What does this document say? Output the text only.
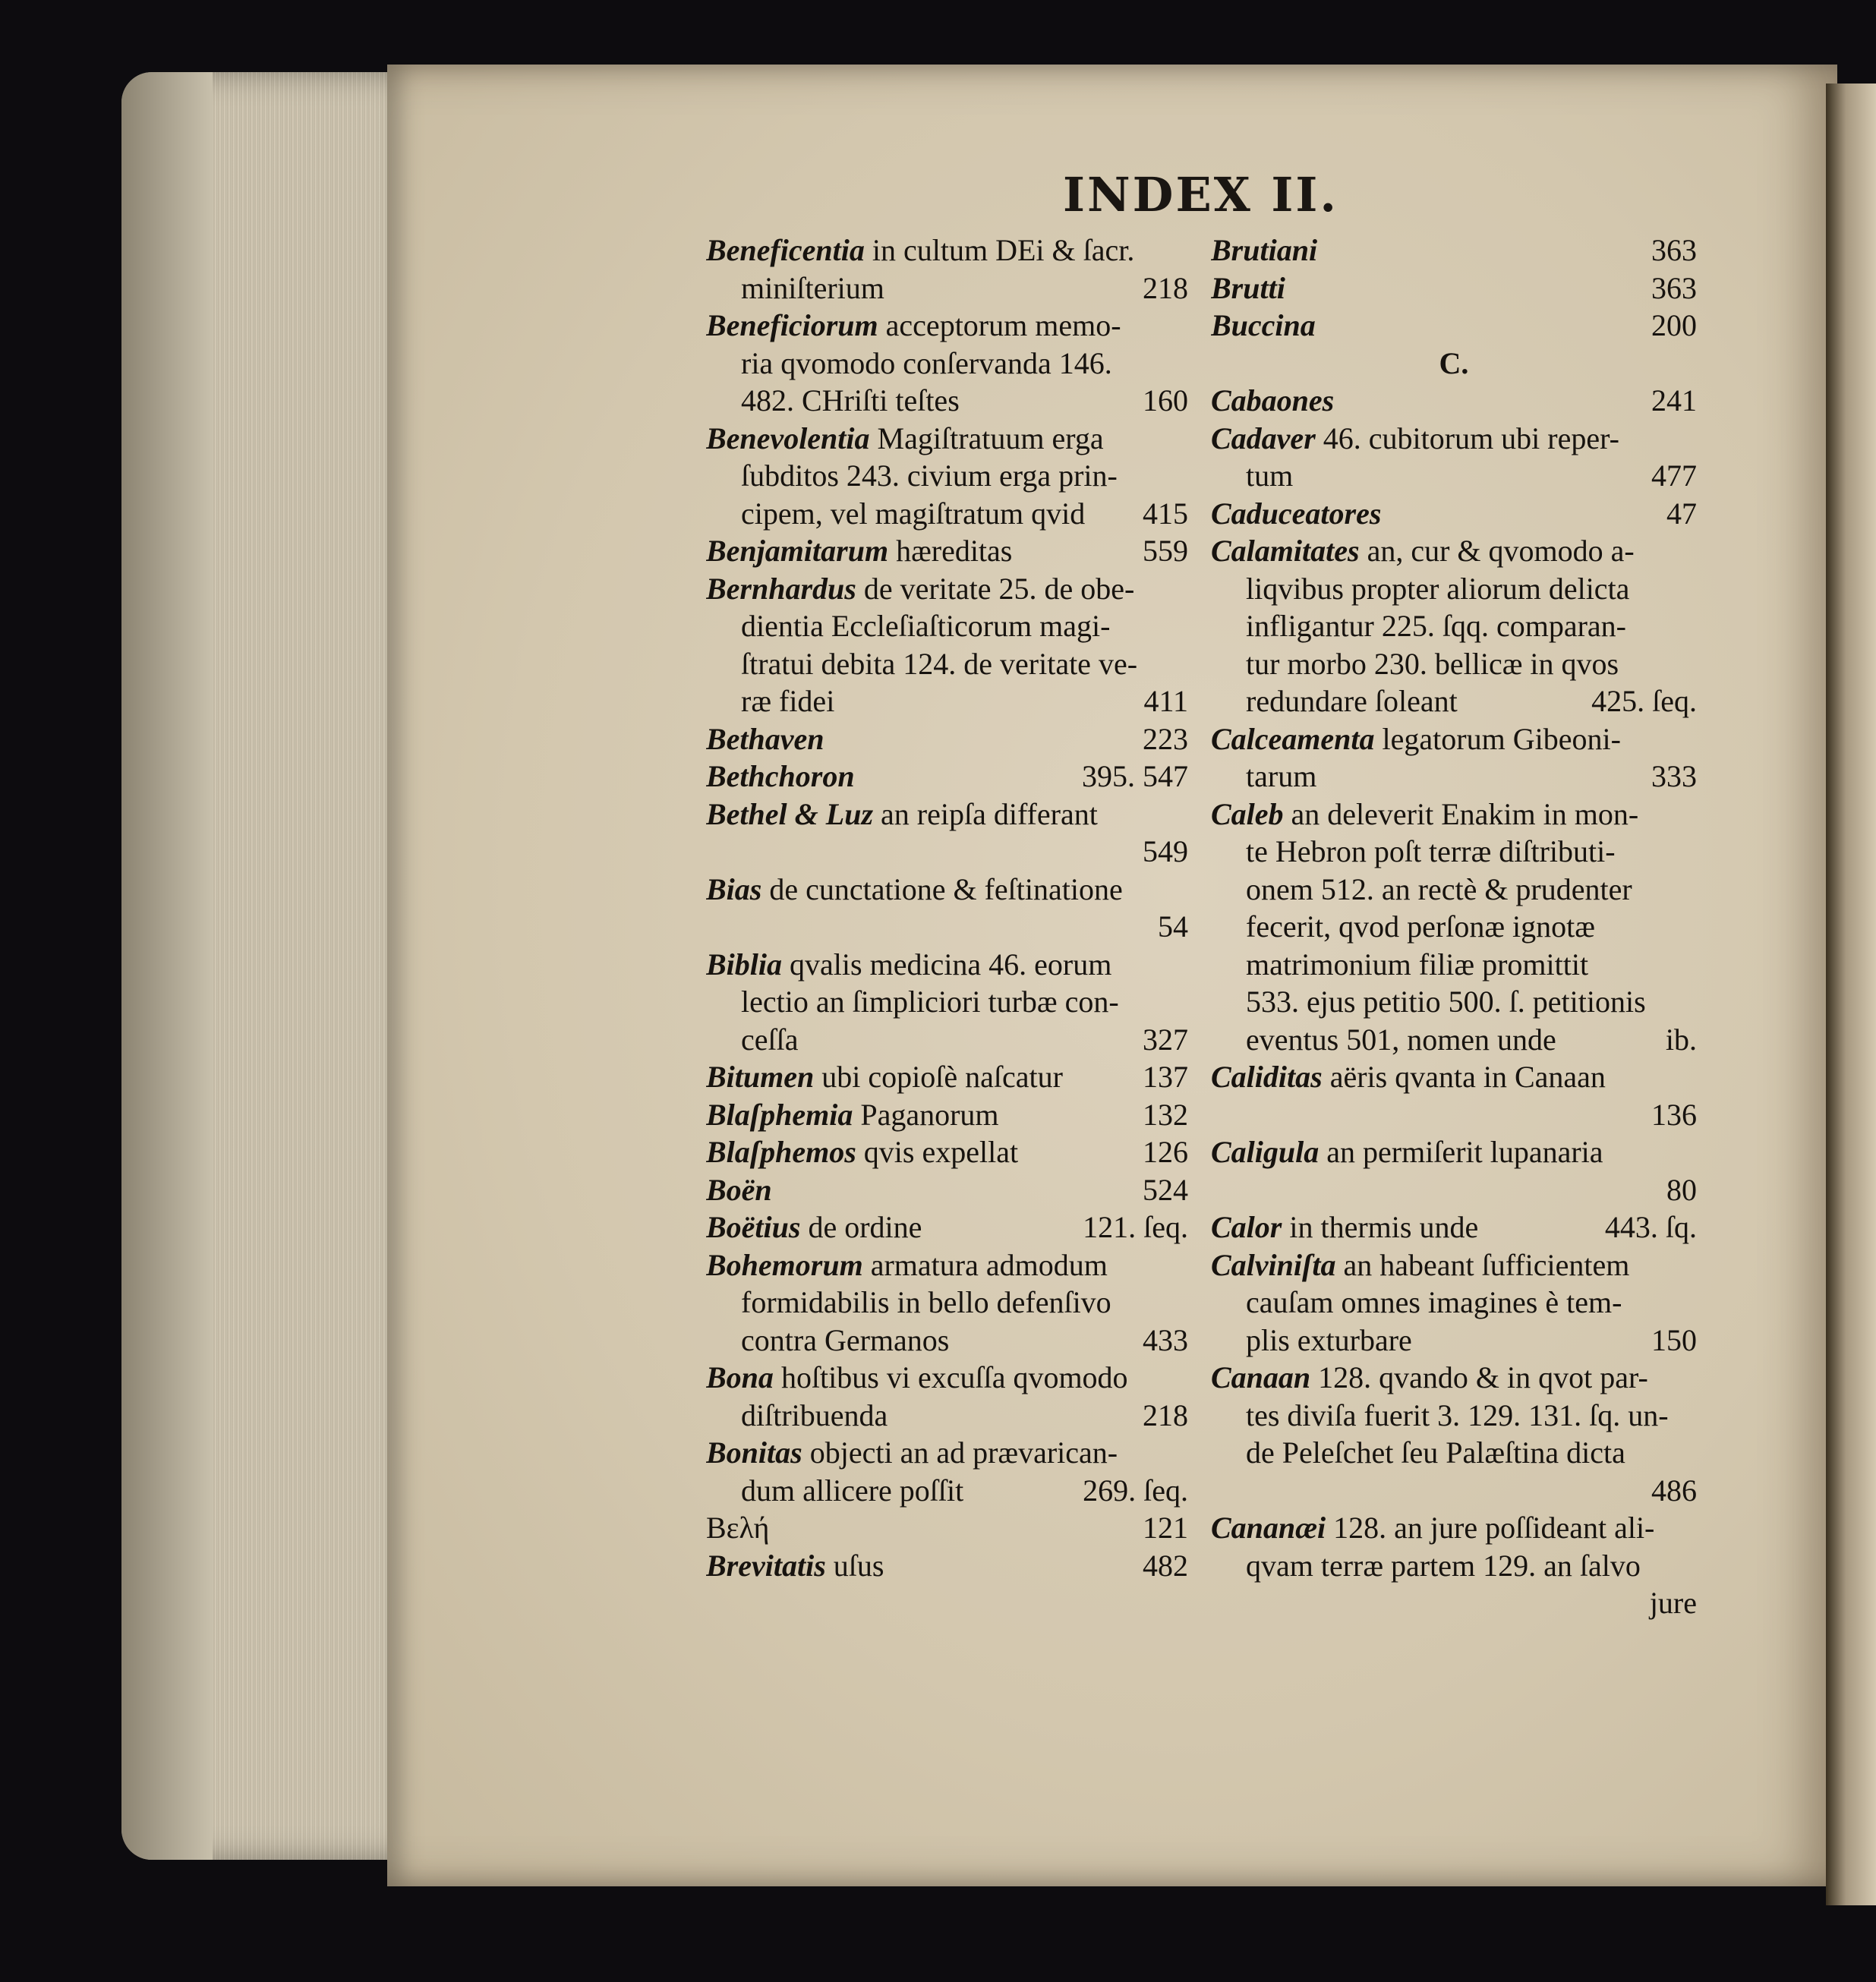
INDEX II.
Beneficentia in cultum DEi & ſacr.
miniſterium	218
Beneficiorum acceptorum memo-
ria qvomodo conſervanda 146.
482. CHriſti teſtes	160
Benevolentia Magiſtratuum erga
ſubditos 243. civium erga prin-
cipem, vel magiſtratum qvid 415
Benjamitarum hæreditas	559
Bernhardus de veritate 25. de obe-
dientia Eccleſiaſticorum magi-
ſtratui debita 124. de veritate ve-
ræ fidei	411
Bethaven	223
Bethchoron	395. 547
Bethel & Luz an reipſa differant
549
Bias de cunctatione & feſtinatione
54
Biblia qvalis medicina 46. eorum
lectio an ſimpliciori turbæ con-
ceſſa	327
Bitumen ubi copioſè naſcatur	137
Blaſphemia Paganorum	132
Blaſphemos qvis expellat	126
Boën	524
Boëtius de ordine	121. ſeq.
Bohemorum armatura admodum
formidabilis in bello defenſivo
contra Germanos	433
Bona hoſtibus vi excuſſa qvomodo
diſtribuenda	218
Bonitas objecti an ad prævarican-
dum allicere poſſit	269. ſeq.
Βελή	121
Brevitatis uſus	482
Brutiani	363
Brutti	363
Buccina	200
C.
Cabaones	241
Cadaver 46. cubitorum ubi reper-
tum	477
Caduceatores	47
Calamitates an, cur & qvomodo a-
liqvibus propter aliorum delicta
infligantur 225. ſqq. comparan-
tur morbo 230. bellicæ in qvos
redundare ſoleant	425. ſeq.
Calceamenta legatorum Gibeoni-
tarum	333
Caleb an deleverit Enakim in mon-
te Hebron poſt terræ diſtributi-
onem 512. an rectè & prudenter
fecerit, qvod perſonæ ignotæ
matrimonium filiæ promittit
533. ejus petitio 500. ſ. petitionis
eventus 501, nomen unde	ib.
Caliditas aëris qvanta in Canaan
136
Caligula an permiſerit lupanaria
80
Calor in thermis unde	443. ſq.
Calviniſta an habeant ſufficientem
cauſam omnes imagines è tem-
plis exturbare	150
Canaan 128. qvando & in qvot par-
tes diviſa fuerit 3. 129. 131. ſq. un-
de Peleſchet ſeu Palæſtina dicta
486
Cananæi 128. an jure poſſideant ali-
qvam terræ partem 129. an ſalvo
jure
